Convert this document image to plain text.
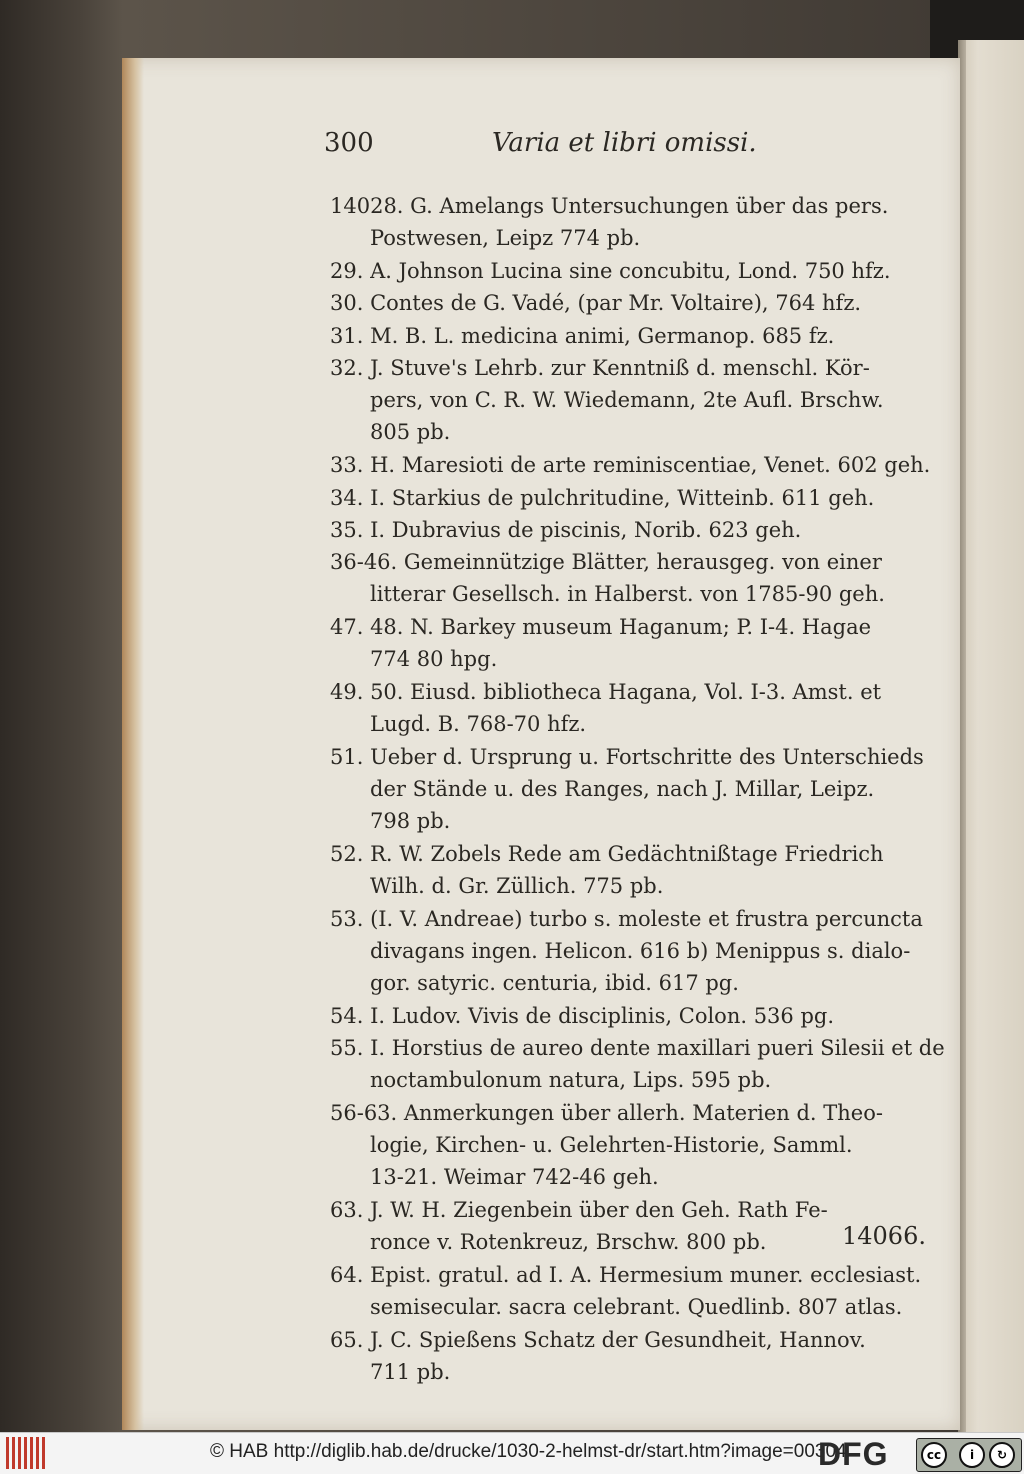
300	Varia et libri omissi.
14028. G. Amelangs Untersuchungen über das pers.
Postwesen, Leipz 774 pb.
29. A. Johnson Lucina sine concubitu, Lond. 750 hfz.
30. Contes de G. Vadé, (par Mr. Voltaire), 764 hfz.
31. M. B. L. medicina animi, Germanop. 685 fz.
32. J. Stuve's Lehrb. zur Kenntniß d. menschl. Kör-
pers, von C. R. W. Wiedemann, 2te Aufl. Brschw.
805 pb.
33. H. Maresioti de arte reminiscentiae, Venet. 602 geh.
34. I. Starkius de pulchritudine, Witteinb. 611 geh.
35. I. Dubravius de piscinis, Norib. 623 geh.
36-46. Gemeinnützige Blätter, herausgeg. von einer
litterar Gesellsch. in Halberst. von 1785-90 geh.
47. 48. N. Barkey museum Haganum; P. I-4. Hagae
774 80 hpg.
49. 50. Eiusd. bibliotheca Hagana, Vol. I-3. Amst. et
Lugd. B. 768-70 hfz.
51. Ueber d. Ursprung u. Fortschritte des Unterschieds
der Stände u. des Ranges, nach J. Millar, Leipz.
798 pb.
52. R. W. Zobels Rede am Gedächtnißtage Friedrich
Wilh. d. Gr. Züllich. 775 pb.
53. (I. V. Andreae) turbo s. moleste et frustra percuncta
divagans ingen. Helicon. 616 b) Menippus s. dialo-
gor. satyric. centuria, ibid. 617 pg.
54. I. Ludov. Vivis de disciplinis, Colon. 536 pg.
55. I. Horstius de aureo dente maxillari pueri Silesii et de
noctambulonum natura, Lips. 595 pb.
56-63. Anmerkungen über allerh. Materien d. Theo-
logie, Kirchen- u. Gelehrten-Historie, Samml.
13-21. Weimar 742-46 geh.
63. J. W. H. Ziegenbein über den Geh. Rath Fe-
ronce v. Rotenkreuz, Brschw. 800 pb.
64. Epist. gratul. ad I. A. Hermesium muner. ecclesiast.
semisecular. sacra celebrant. Quedlinb. 807 atlas.
65. J. C. Spießens Schatz der Gesundheit, Hannov.
711 pb.
14066.
© HAB http://diglib.hab.de/drucke/1030-2-helmst-dr/start.htm?image=00304
DFG	cc	i	↻
